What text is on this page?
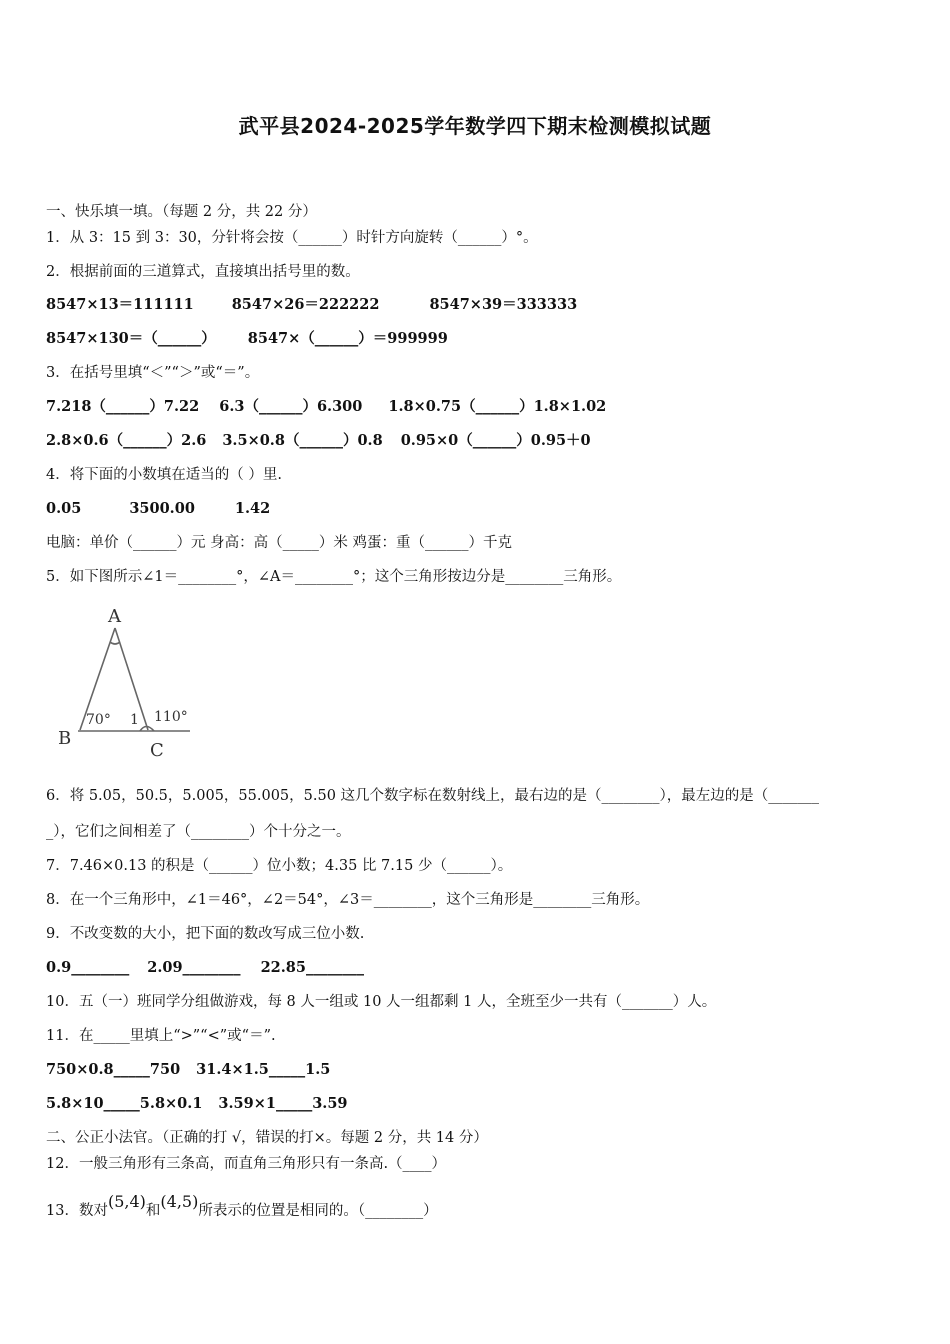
武平县2024-2025学年数学四下期末检测模拟试题
一、快乐填一填。（每题 2 分，共 22 分）
1．从 3：15 到 3：30，分针将会按（______）时针方向旋转（______）°。
2．根据前面的三道算式，直接填出括号里的数。
8547×13＝111111	8547×26＝222222	8547×39＝333333
8547×130＝（______） 8547×（______）＝999999
3．在括号里填“＜”“＞”或“＝”。
7.218（______）7.22 6.3（______）6.300 1.8×0.75（______）1.8×1.02
2.8×0.6（______）2.6 3.5×0.8（______）0.8 0.95×0（______）0.95＋0
4．将下面的小数填在适当的（ ）里.
0.05	3500.00	1.42
电脑：单价（______）元 身高：高（_____）米 鸡蛋：重（______）千克
5．如下图所示∠1＝________°，∠A＝________°；这个三角形按边分是________三角形。
A
B
C
70° 1 110°
6．将 5.05，50.5，5.005，55.005，5.50 这几个数字标在数射线上，最右边的是（________），最左边的是（_______
_），它们之间相差了（________）个十分之一。
7．7.46×0.13 的积是（______）位小数；4.35 比 7.15 少（______）。
8．在一个三角形中，∠1＝46°，∠2＝54°，∠3＝________，这个三角形是________三角形。
9．不改变数的大小，把下面的数改写成三位小数.
0.9________ 2.09________ 22.85________
10．五（一）班同学分组做游戏，每 8 人一组或 10 人一组都剩 1 人，全班至少一共有（_______）人。
11．在_____里填上“>”“<”或“＝”.
750×0.8_____750 31.4×1.5_____1.5
5.8×10_____5.8×0.1 3.59×1_____3.59
二、公正小法官。（正确的打 √，错误的打×。每题 2 分，共 14 分）
12．一般三角形有三条高，而直角三角形只有一条高.（____）
13．数对(5,4)和(4,5)所表示的位置是相同的。（________）
